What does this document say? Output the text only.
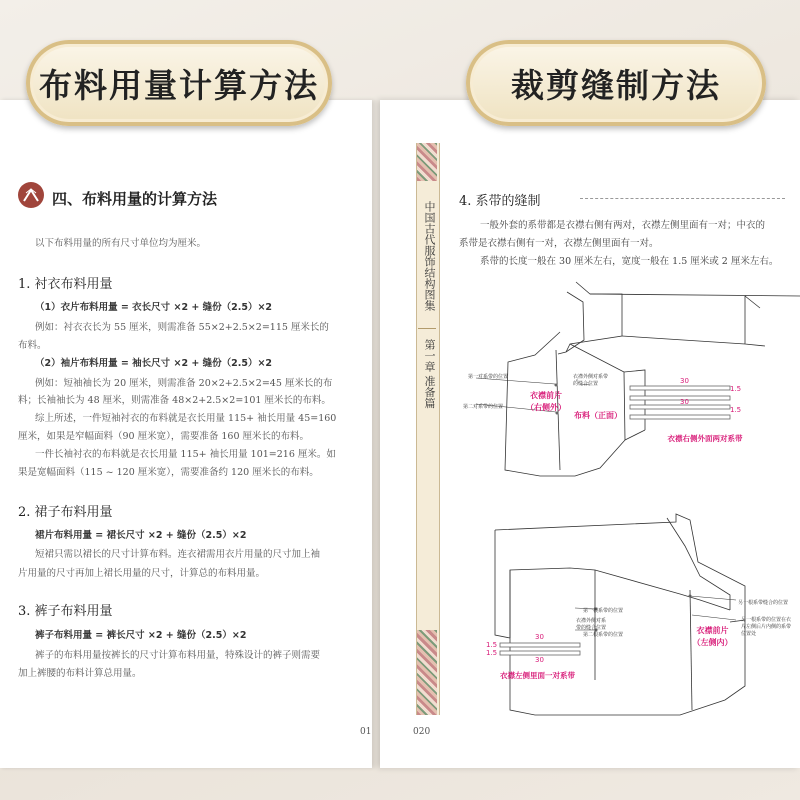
四、布料用量的计算方法
以下布料用量的所有尺寸单位均为厘米。
1. 衬衣布料用量
（1）衣片布料用量 = 衣长尺寸 ×2 + 缝份（2.5）×2
例如：衬衣衣长为 55 厘米，则需准备 55×2+2.5×2=115 厘米长的
布料。
（2）袖片布料用量 = 袖长尺寸 ×2 + 缝份（2.5）×2
例如：短袖袖长为 20 厘米，则需准备 20×2+2.5×2=45 厘米长的布
料；长袖袖长为 48 厘米，则需准备 48×2+2.5×2=101 厘米长的布料。
综上所述，一件短袖衬衣的布料就是衣长用量 115+ 袖长用量 45=160
厘米，如果是窄幅面料（90 厘米宽），需要准备 160 厘米长的布料。
一件长袖衬衣的布料就是衣长用量 115+ 袖长用量 101=216 厘米。如
果是宽幅面料（115 ~ 120 厘米宽），需要准备约 120 厘米长的布料。
2. 裙子布料用量
裙片布料用量 = 裙长尺寸 ×2 + 缝份（2.5）×2
短裙只需以裙长的尺寸计算布料。连衣裙需用衣片用量的尺寸加上袖
片用量的尺寸再加上裙长用量的尺寸，计算总的布料用量。
3. 裤子布料用量
裤子布料用量 = 裤长尺寸 ×2 + 缝份（2.5）×2
裤子的布料用量按裤长的尺寸计算布料用量，特殊设计的裤子则需要
加上裤腰的布料计算总用量。
01
中国古代服饰结构图集
第一章 准备篇
020
4. 系带的缝制
一般外套的系带都是衣襟右侧有两对，衣襟左侧里面有一对；中衣的
系带是衣襟右侧有一对，衣襟左侧里面有一对。
系带的长度一般在 30 厘米左右，宽度一般在 1.5 厘米或 2 厘米左右。
第一对系带的位置
第二对系带的位置
衣襟外侧对系带的缝合位置
衣襟前片
（右侧外）
布料（正面）
30
30
1.5
1.5
衣襟右侧外面两对系带
第一根系带的位置
衣襟外侧对系带的缝合位置
第二根系带的位置
另一根系带缝合的位置
另一根系带的位置在衣片左侧后片内侧的系带位置处
衣襟前片
（左侧内）
30
30
1.5
1.5
衣襟左侧里面一对系带
布料用量计算方法	裁剪缝制方法
